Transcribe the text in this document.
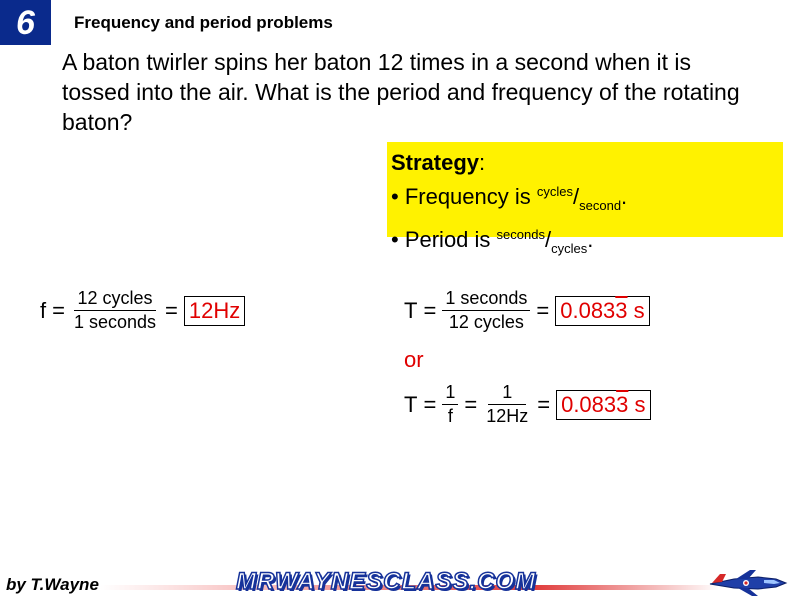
6 Frequency and period problems
A baton twirler spins her baton 12 times in a second when it is tossed into the air. What is the period and frequency of the rotating baton?
Strategy:
• Frequency is $^{cycles}/_{second}$.
• Period is $^{seconds}/_{cycles}$.
$f = \frac{\text{12 cycles}}{\text{1 seconds}} = 12Hz$	$T = \frac{\text{1 seconds}}{\text{12 cycles}} = 0.0833$ s
or
$T = \frac{1}{f} = \frac{1}{12Hz} = 0.0833$ s
by T.Wayne	MRWAYNESCLASS.COM
